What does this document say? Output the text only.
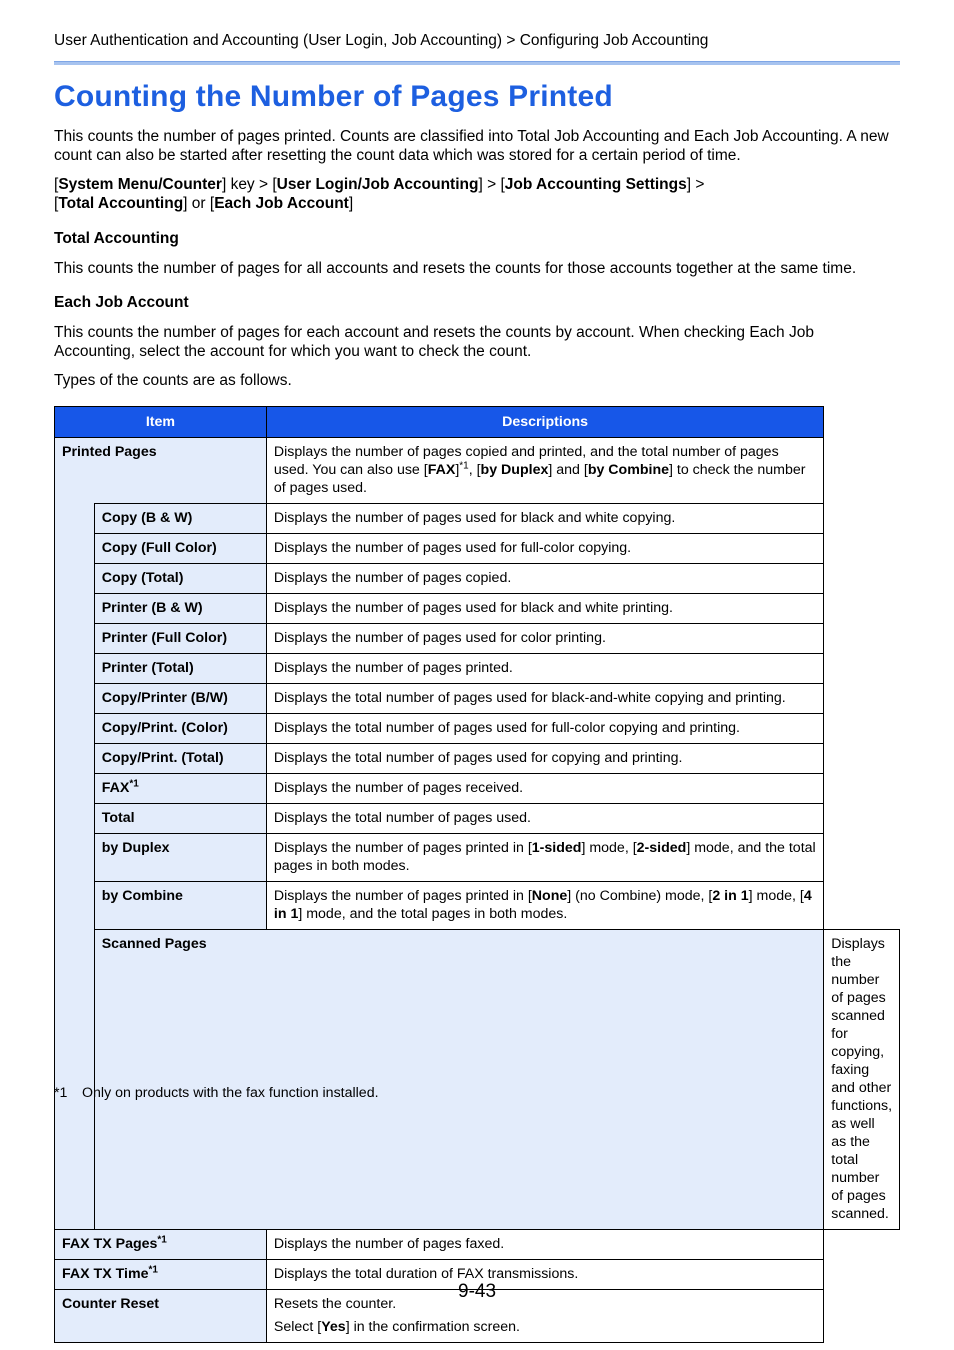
User Authentication and Accounting (User Login, Job Accounting) > Configuring Job Accounting
Counting the Number of Pages Printed

This counts the number of pages printed. Counts are classified into Total Job Accounting and Each Job Accounting. A new count can also be started after resetting the count data which was stored for a certain period of time.

[System Menu/Counter] key > [User Login/Job Accounting] > [Job Accounting Settings] >
[Total Accounting] or [Each Job Account]

Total Accounting

This counts the number of pages for all accounts and resets the counts for those accounts together at the same time.

Each Job Account

This counts the number of pages for each account and resets the counts by account. When checking Each Job Accounting, select the account for which you want to check the count.

Types of the counts are as follows.

Item		Descriptions	
Printed Pages		Displays the number of pages copied and printed, and the total number of pages used. You can also use [FAX]$^{*1}$, [by Duplex] and [by Combine] to check the number of pages used.	
	Copy (B & W)	Displays the number of pages used for black and white copying.	
	Copy (Full Color)	Displays the number of pages used for full-color copying.	
	Copy (Total)	Displays the number of pages copied.	
	Printer (B & W)	Displays the number of pages used for black and white printing.	
	Printer (Full Color)	Displays the number of pages used for color printing.	
	Printer (Total)	Displays the number of pages printed.	
	Copy/Printer (B/W)	Displays the total number of pages used for black-and-white copying and printing.	
	Copy/Print. (Color)	Displays the total number of pages used for full-color copying and printing.	
	Copy/Print. (Total)	Displays the total number of pages used for copying and printing.	
	FAX$^{*1}$	Displays the number of pages received.	
	Total	Displays the total number of pages used.	
	by Duplex	Displays the number of pages printed in [1-sided] mode, [2-sided] mode, and the total pages in both modes.	
	by Combine	Displays the number of pages printed in [None] (no Combine) mode, [2 in 1] mode, [4 in 1] mode, and the total pages in both modes.	
	Scanned Pages		Displays the number of pages scanned for copying, faxing and other functions, as well as the total number of pages scanned.
FAX TX Pages$^{*1}$		Displays the number of pages faxed.	
FAX TX Time$^{*1}$		Displays the total duration of FAX transmissions.	
Counter Reset		Resets the counter.
Select [Yes] in the confirmation screen.	
*1 Only on products with the fax function installed.
9-43
